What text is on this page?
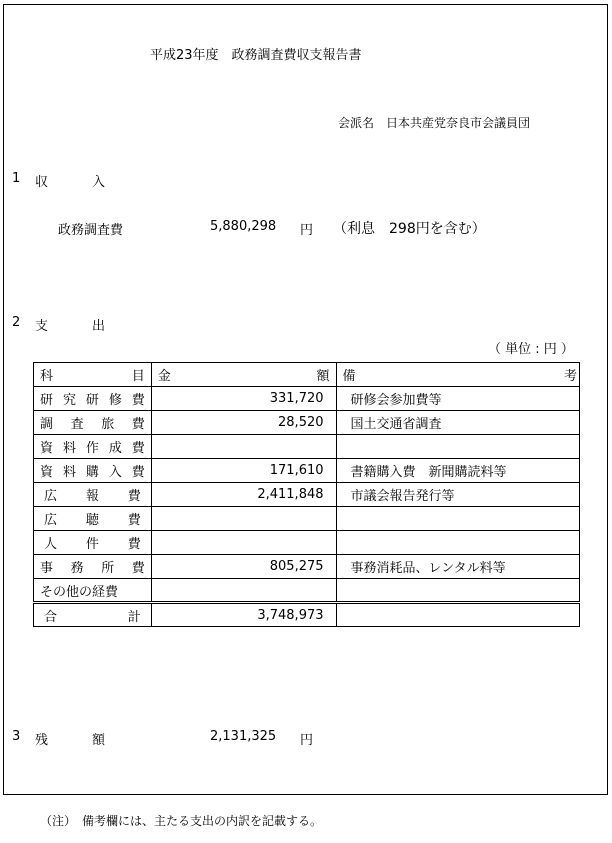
平成23年度　政務調査費収支報告書
会派名　日本共産党奈良市会議員団
1 収	入
政務調査費	5,880,298 円 （利息　298円を含む）
2 支	出
（ 単位 : 円 ）
科 目	金 額	備 考

研究研修費	331,720	研修会参加費等
調査旅費	28,520	国土交通省調査
資料作成費		
資料購入費	171,610	書籍購入費　新聞購読料等
広報費	2,411,848	市議会報告発行等
広聴費		
人件費		
事務所費	805,275	事務消耗品、レンタル料等
その他の経費		
合　計	3,748,973	
3 残	額	2,131,325 円
（注）　備考欄には、主たる支出の内訳を記載する。
